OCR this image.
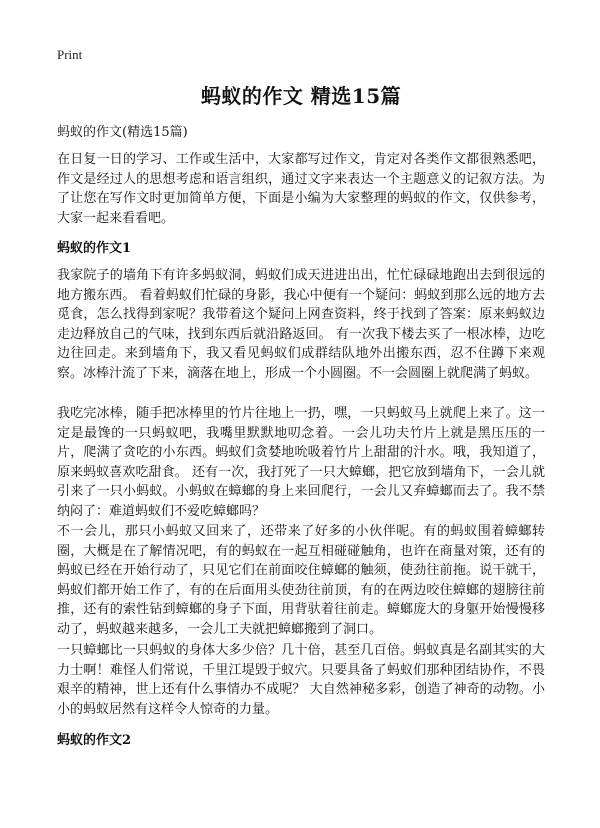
Print
蚂蚁的作文 精选15篇

蚂蚁的作文(精选15篇)

在日复一日的学习、工作或生活中，大家都写过作文，肯定对各类作文都很熟悉吧，作文是经过人的思想考虑和语言组织，通过文字来表达一个主题意义的记叙方法。为了让您在写作文时更加简单方便，下面是小编为大家整理的蚂蚁的作文，仅供参考，大家一起来看看吧。

蚂蚁的作文1

我家院子的墙角下有许多蚂蚁洞，蚂蚁们成天进进出出，忙忙碌碌地跑出去到很远的地方搬东西。 看着蚂蚁们忙碌的身影，我心中便有一个疑问：蚂蚁到那么远的地方去觅食，怎么找得到家呢？我带着这个疑问上网查资料，终于找到了答案：原来蚂蚁边走边释放自己的气味，找到东西后就沿路返回。 有一次我下楼去买了一根冰棒，边吃边往回走。来到墙角下，我又看见蚂蚁们成群结队地外出搬东西，忍不住蹲下来观察。冰棒汁流了下来，滴落在地上，形成一个小圆圈。不一会圆圈上就爬满了蚂蚁。

我吃完冰棒，随手把冰棒里的竹片往地上一扔，嘿，一只蚂蚁马上就爬上来了。这一定是最馋的一只蚂蚁吧，我嘴里默默地叨念着。一会儿功夫竹片上就是黑压压的一片，爬满了贪吃的小东西。蚂蚁们贪婪地吮吸着竹片上甜甜的汁水。哦，我知道了，原来蚂蚁喜欢吃甜食。 还有一次，我打死了一只大蟑螂，把它放到墙角下，一会儿就引来了一只小蚂蚁。小蚂蚁在蟑螂的身上来回爬行，一会儿又弃蟑螂而去了。我不禁纳闷了：难道蚂蚁们不爱吃蟑螂吗？

不一会儿，那只小蚂蚁又回来了，还带来了好多的小伙伴呢。有的蚂蚁围着蟑螂转圈，大概是在了解情况吧，有的蚂蚁在一起互相碰碰触角，也许在商量对策，还有的蚂蚁已经在开始行动了，只见它们在前面咬住蟑螂的触须，使劲往前拖。说干就干，蚂蚁们都开始工作了，有的在后面用头使劲往前顶，有的在两边咬住蟑螂的翅膀往前推，还有的索性钻到蟑螂的身子下面，用背驮着往前走。蟑螂庞大的身躯开始慢慢移动了，蚂蚁越来越多，一会儿工夫就把蟑螂搬到了洞口。

一只蟑螂比一只蚂蚁的身体大多少倍？几十倍，甚至几百倍。蚂蚁真是名副其实的大力士啊！难怪人们常说，千里江堤毁于蚁穴。只要具备了蚂蚁们那种团结协作，不畏艰辛的精神，世上还有什么事情办不成呢？ 大自然神秘多彩，创造了神奇的动物。小小的蚂蚁居然有这样令人惊奇的力量。

蚂蚁的作文2
